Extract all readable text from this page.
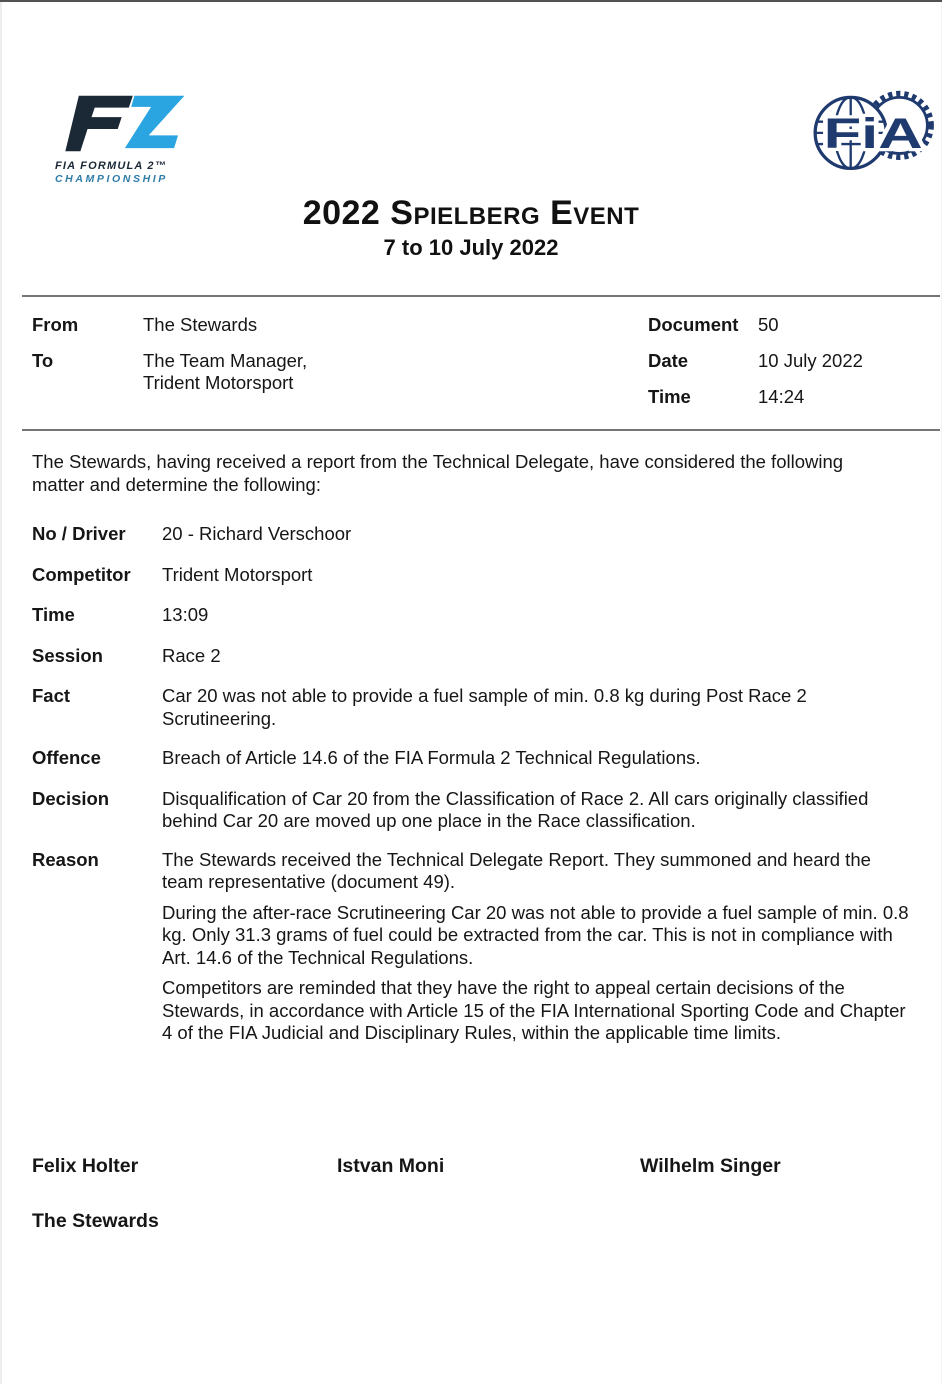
FIA FORMULA 2™
CHAMPIONSHIP
FiA
2022 Spielberg Event
7 to 10 July 2022
From	The Stewards
To	The Team Manager,
Trident Motorsport
Document	50
Date	10 July 2022
Time	14:24
The Stewards, having received a report from the Technical Delegate, have considered the following matter and determine the following:
No / Driver	20 - Richard Verschoor
Competitor	Trident Motorsport
Time	13:09
Session	Race 2
Fact	Car 20 was not able to provide a fuel sample of min. 0.8 kg during Post Race 2 Scrutineering.
Offence	Breach of Article 14.6 of the FIA Formula 2 Technical Regulations.
Decision	Disqualification of Car 20 from the Classification of Race 2. All cars originally classified behind Car 20 are moved up one place in the Race classification.
Reason	The Stewards received the Technical Delegate Report. They summoned and heard the team representative (document 49).

During the after-race Scrutineering Car 20 was not able to provide a fuel sample of min. 0.8 kg. Only 31.3 grams of fuel could be extracted from the car. This is not in compliance with Art. 14.6 of the Technical Regulations.

Competitors are reminded that they have the right to appeal certain decisions of the Stewards, in accordance with Article 15 of the FIA International Sporting Code and Chapter 4 of the FIA Judicial and Disciplinary Rules, within the applicable time limits.

Felix Holter	Istvan Moni	Wilhelm Singer
The Stewards
